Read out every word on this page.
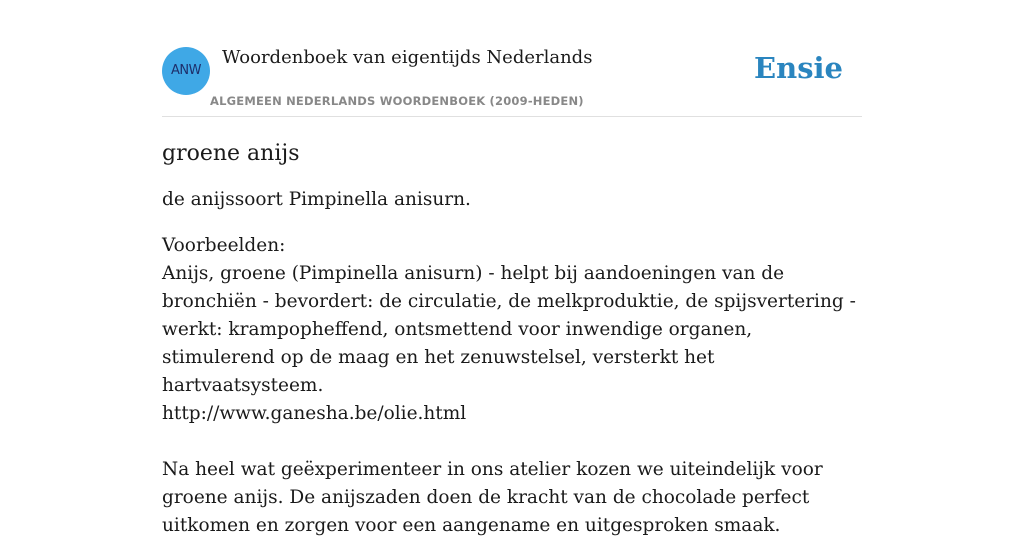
ANW
Woordenboek van eigentijds Nederlands
ALGEMEEN NEDERLANDS WOORDENBOEK (2009-HEDEN)
Ensie
groene anijs

de anijssoort Pimpinella anisurn.

Voorbeelden:

Anijs, groene (Pimpinella anisurn) - helpt bij aandoeningen van de bronchiën - bevordert: de circulatie, de melkproduktie, de spijsvertering - werkt: krampopheffend, ontsmettend voor inwendige organen, stimulerend op de maag en het zenuwstelsel, versterkt het hartvaatsysteem.

http://www.ganesha.be/olie.html

Na heel wat geëxperimenteer in ons atelier kozen we uiteindelijk voor groene anijs. De anijszaden doen de kracht van de chocolade perfect uitkomen en zorgen voor een aangename en uitgesproken smaak.
